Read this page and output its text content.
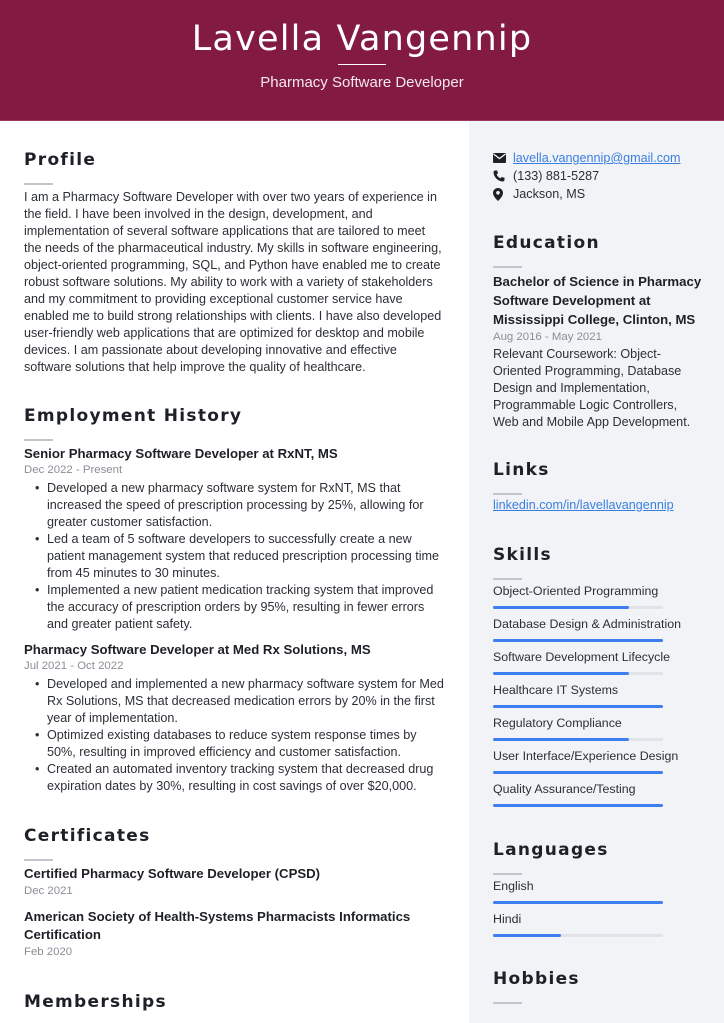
Lavella Vangennip
Pharmacy Software Developer
Profile
I am a Pharmacy Software Developer with over two years of experience in the field. I have been involved in the design, development, and implementation of several software applications that are tailored to meet the needs of the pharmaceutical industry. My skills in software engineering, object-oriented programming, SQL, and Python have enabled me to create robust software solutions. My ability to work with a variety of stakeholders and my commitment to providing exceptional customer service have enabled me to build strong relationships with clients. I have also developed user-friendly web applications that are optimized for desktop and mobile devices. I am passionate about developing innovative and effective software solutions that help improve the quality of healthcare.
Employment History
Senior Pharmacy Software Developer at RxNT, MS
Dec 2022 - Present
• Developed a new pharmacy software system for RxNT, MS that increased the speed of prescription processing by 25%, allowing for greater customer satisfaction.
• Led a team of 5 software developers to successfully create a new patient management system that reduced prescription processing time from 45 minutes to 30 minutes.
• Implemented a new patient medication tracking system that improved the accuracy of prescription orders by 95%, resulting in fewer errors and greater patient safety.
Pharmacy Software Developer at Med Rx Solutions, MS
Jul 2021 - Oct 2022
• Developed and implemented a new pharmacy software system for Med Rx Solutions, MS that decreased medication errors by 20% in the first year of implementation.
• Optimized existing databases to reduce system response times by 50%, resulting in improved efficiency and customer satisfaction.
• Created an automated inventory tracking system that decreased drug expiration dates by 30%, resulting in cost savings of over $20,000.
Certificates
Certified Pharmacy Software Developer (CPSD)
Dec 2021
American Society of Health-Systems Pharmacists Informatics Certification
Feb 2020
Memberships
lavella.vangennip@gmail.com
(133) 881-5287
Jackson, MS
Education
Bachelor of Science in Pharmacy Software Development at Mississippi College, Clinton, MS
Aug 2016 - May 2021
Relevant Coursework: Object-Oriented Programming, Database Design and Implementation, Programmable Logic Controllers, Web and Mobile App Development.
Links
linkedin.com/in/lavellavangennip
Skills
Object-Oriented Programming
Database Design & Administration
Software Development Lifecycle
Healthcare IT Systems
Regulatory Compliance
User Interface/Experience Design
Quality Assurance/Testing
Languages
English
Hindi
Hobbies
